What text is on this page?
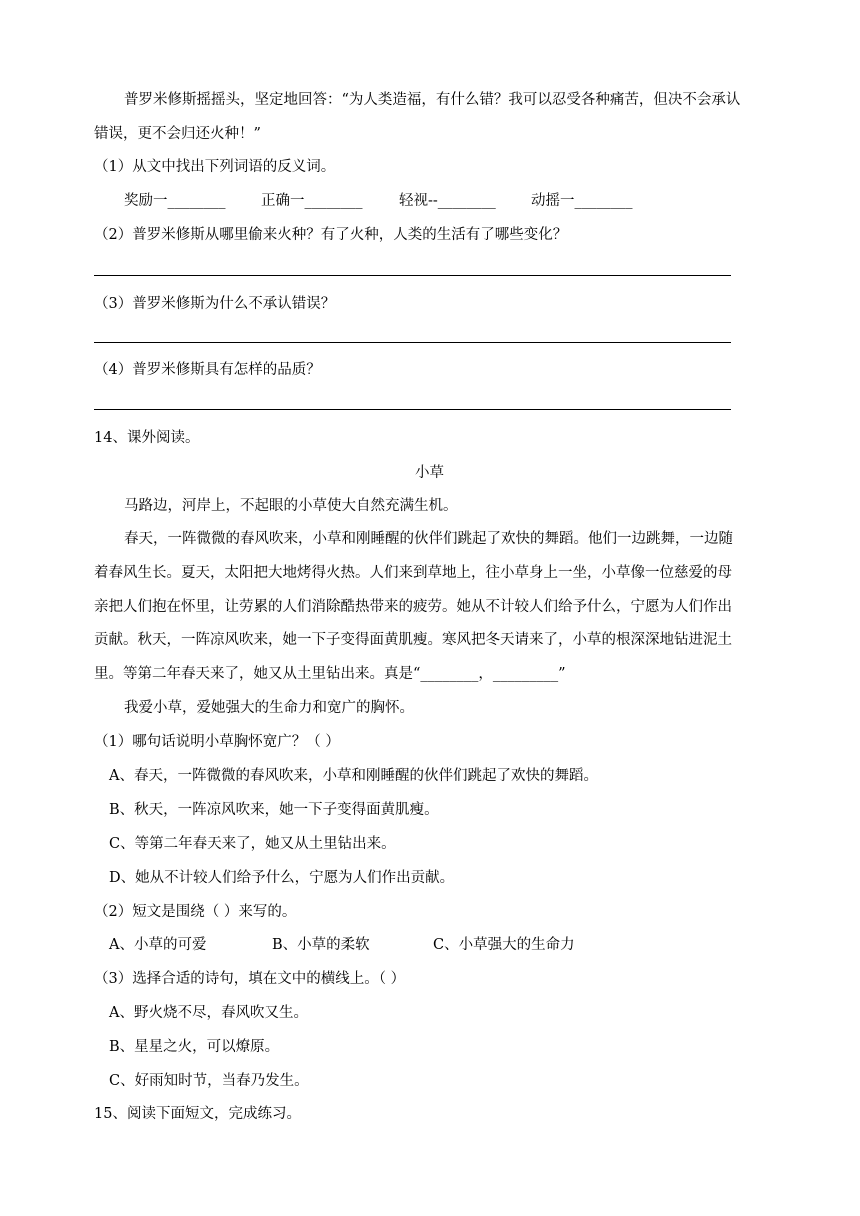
普罗米修斯摇摇头，坚定地回答：“为人类造福，有什么错？我可以忍受各种痛苦，但决不会承认
错误，更不会归还火种！”
（1）从文中找出下列词语的反义词。
奖励一________ 正确一________	轻视--________ 动摇一________
（2）普罗米修斯从哪里偷来火种？有了火种，人类的生活有了哪些变化？
（3）普罗米修斯为什么不承认错误？
（4）普罗米修斯具有怎样的品质？
14、课外阅读。
小草
马路边，河岸上，不起眼的小草使大自然充满生机。
春天，一阵微微的春风吹来，小草和刚睡醒的伙伴们跳起了欢快的舞蹈。他们一边跳舞，一边随
着春风生长。夏天，太阳把大地烤得火热。人们来到草地上，往小草身上一坐，小草像一位慈爱的母
亲把人们抱在怀里，让劳累的人们消除酷热带来的疲劳。她从不计较人们给予什么，宁愿为人们作出
贡献。秋天，一阵凉风吹来，她一下子变得面黄肌瘦。寒风把冬天请来了，小草的根深深地钻进泥土
里。等第二年春天来了，她又从土里钻出来。真是“________，_________”
我爱小草，爱她强大的生命力和宽广的胸怀。
（1）哪句话说明小草胸怀宽广？（ ）
A、春天，一阵微微的春风吹来，小草和刚睡醒的伙伴们跳起了欢快的舞蹈。
B、秋天，一阵凉风吹来，她一下子变得面黄肌瘦。
C、等第二年春天来了，她又从土里钻出来。
D、她从不计较人们给予什么，宁愿为人们作出贡献。
（2）短文是围绕（ ）来写的。
A、小草的可爱	B、小草的柔软	C、小草强大的生命力
（3）选择合适的诗句，填在文中的横线上。（ ）
A、野火烧不尽，春风吹又生。
B、星星之火，可以燎原。
C、好雨知时节，当春乃发生。
15、阅读下面短文，完成练习。
